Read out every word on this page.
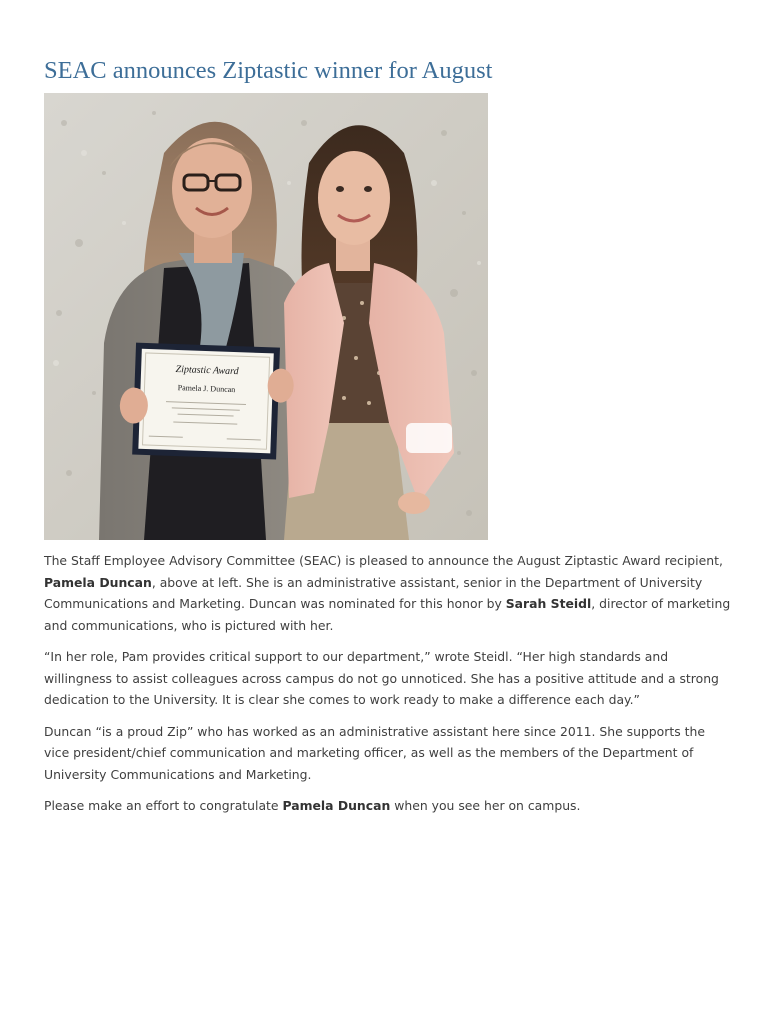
SEAC announces Ziptastic winner for August
Ziptastic Award
Pamela J. Duncan

The Staff Employee Advisory Committee (SEAC) is pleased to announce the August Ziptastic Award recipient, Pamela Duncan, above at left. She is an administrative assistant, senior in the Department of University Communications and Marketing. Duncan was nominated for this honor by Sarah Steidl, director of marketing and communications, who is pictured with her.

“In her role, Pam provides critical support to our department,” wrote Steidl. “Her high standards and willingness to assist colleagues across campus do not go unnoticed. She has a positive attitude and a strong dedication to the University. It is clear she comes to work ready to make a difference each day.”

Duncan “is a proud Zip” who has worked as an administrative assistant here since 2011. She supports the vice president/chief communication and marketing officer, as well as the members of the Department of University Communications and Marketing.

Please make an effort to congratulate Pamela Duncan when you see her on campus.
